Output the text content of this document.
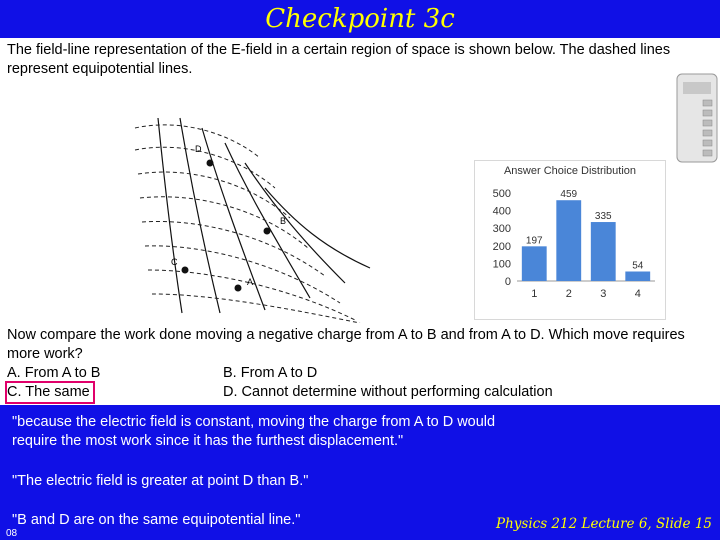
Checkpoint 3c
The field-line representation of the E-field in a certain region of space is shown below. The dashed lines represent equipotential lines.
D
B
C
A
Answer Choice Distribution
0
100
200
300
400
500
197
1
459
2
335
3
54
4
Now compare the work done moving a negative charge from A to B and from A to D. Which move requires more work?
A. From A to B	B. From A to D
C. The same	D. Cannot determine without performing calculation
"because the electric field is constant, moving the charge from A to D would require the most work since it has the furthest displacement."
"The electric field is greater at point D than B."
"B and D are on the same equipotential line."
08
Physics 212 Lecture 6, Slide 15
